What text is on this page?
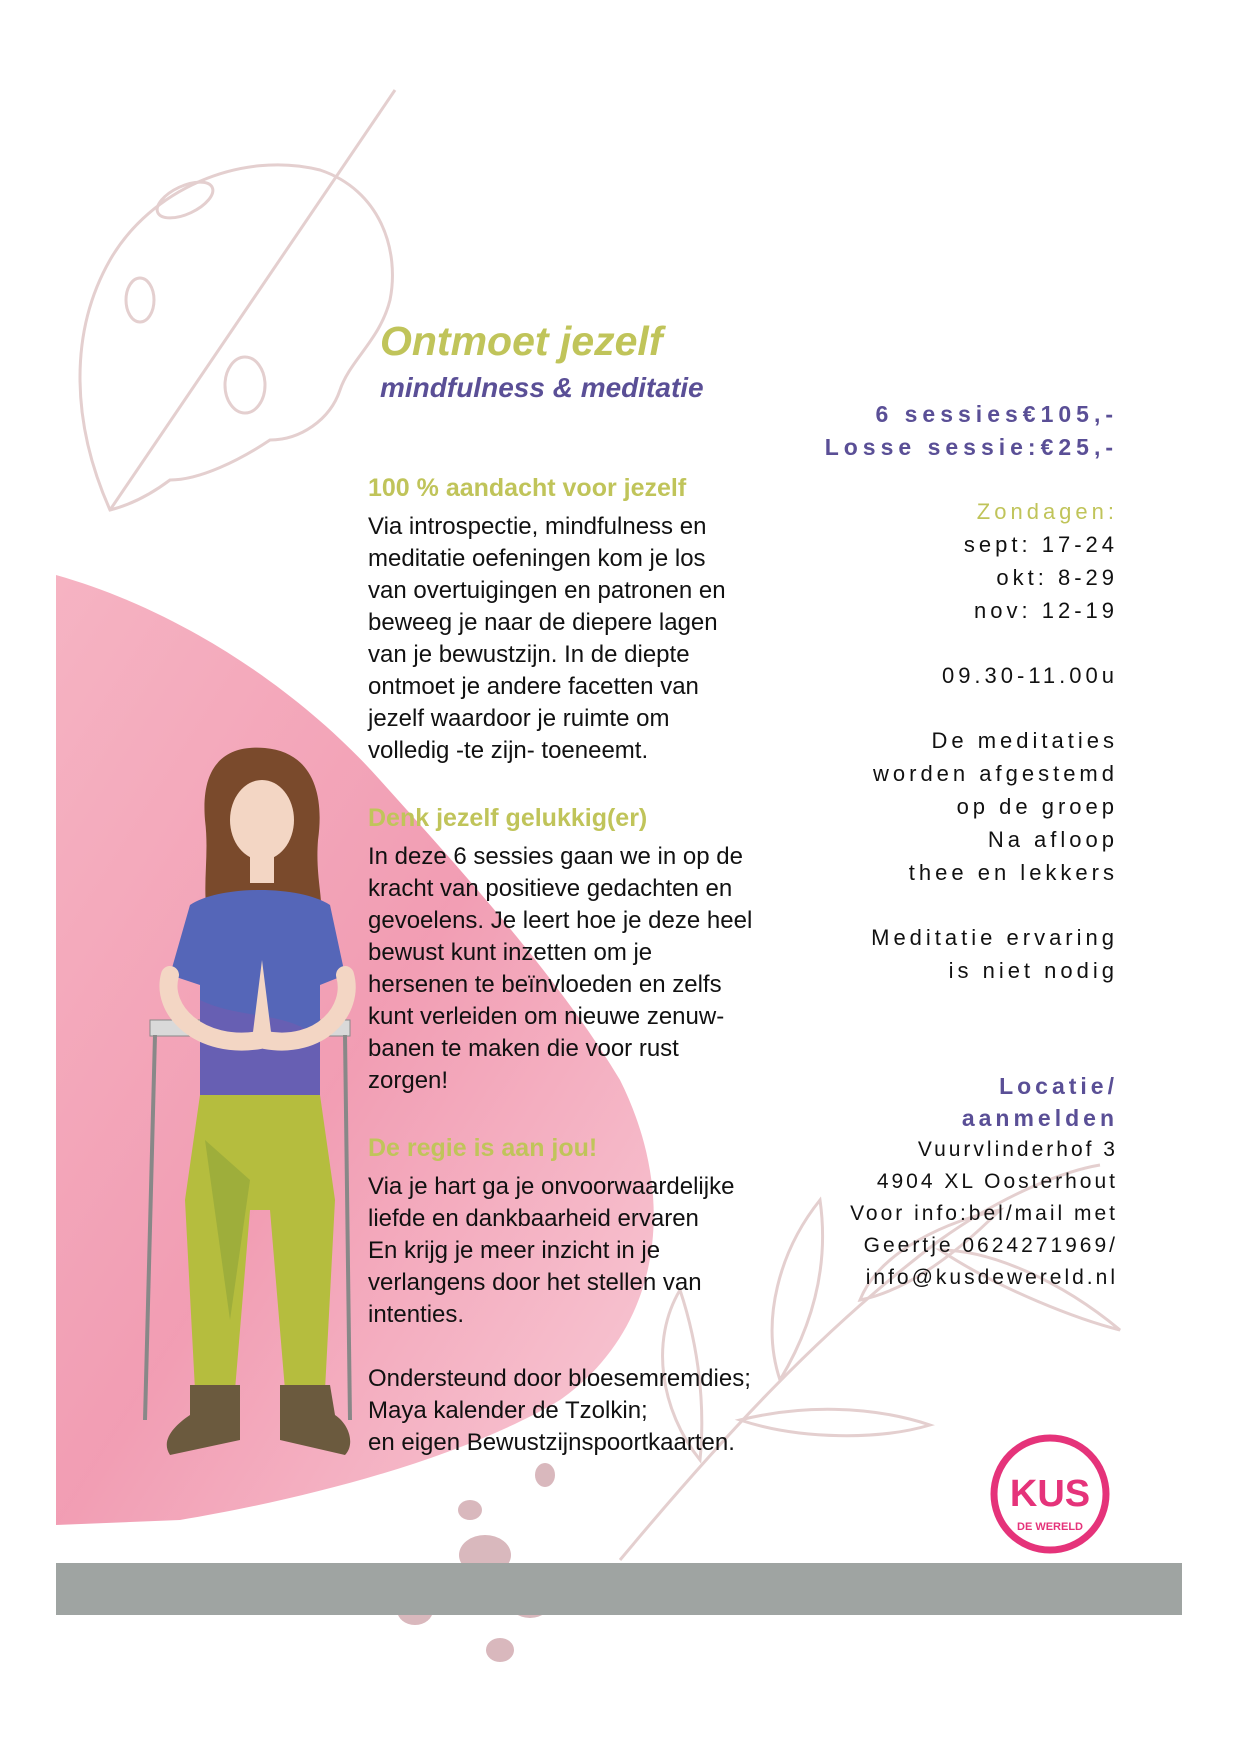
Ontmoet jezelf
mindfulness & meditatie
100 % aandacht voor jezelf

Via introspectie, mindfulness en
meditatie oefeningen kom je los
van overtuigingen en patronen en
beweeg je naar de diepere lagen
van je bewustzijn. In de diepte
ontmoet je andere facetten van
jezelf waardoor je ruimte om
volledig -te zijn- toeneemt.

Denk jezelf gelukkig(er)

In deze 6 sessies gaan we in op de
kracht van positieve gedachten en
gevoelens. Je leert hoe je deze heel
bewust kunt inzetten om je
hersenen te beïnvloeden en zelfs
kunt verleiden om nieuwe zenuw-
banen te maken die voor rust
zorgen!

De regie is aan jou!

Via je hart ga je onvoorwaardelijke
liefde en dankbaarheid ervaren
En krijg je meer inzicht in je
verlangens door het stellen van
intenties.

Ondersteund door bloesemremdies;
Maya kalender de Tzolkin;
en eigen Bewustzijnspoortkaarten.

6 sessies€105,-
Losse sessie:€25,-
Zondagen:
sept: 17-24
okt: 8-29
nov: 12-19
09.30-11.00u
De meditaties
worden afgestemd
op de groep
Na afloop
thee en lekkers
Meditatie ervaring
is niet nodig
Locatie/
aanmelden
Vuurvlinderhof 3
4904 XL Oosterhout
Voor info:bel/mail met
Geertje 0624271969/
info@kusdewereld.nl
KUS
DE WERELD
